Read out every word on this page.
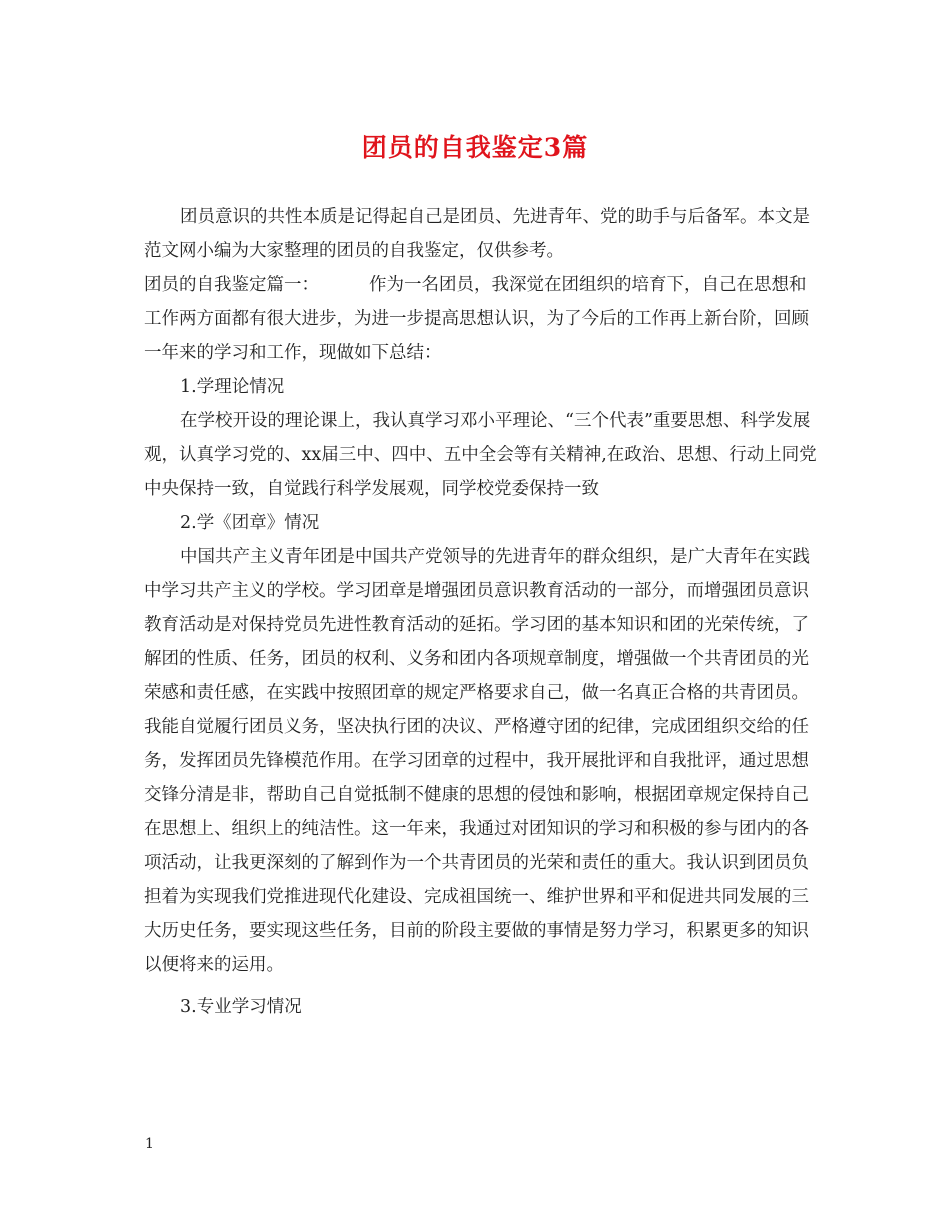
团员的自我鉴定3篇

团员意识的共性本质是记得起自己是团员、先进青年、党的助手与后备军。本文是范文网小编为大家整理的团员的自我鉴定，仅供参考。

团员的自我鉴定篇一：	作为一名团员，我深觉在团组织的培育下，自己在思想和工作两方面都有很大进步，为进一步提高思想认识，为了今后的工作再上新台阶，回顾一年来的学习和工作，现做如下总结：

1.学理论情况

在学校开设的理论课上，我认真学习邓小平理论、“三个代表”重要思想、科学发展观，认真学习党的、xx届三中、四中、五中全会等有关精神,在政治、思想、行动上同党中央保持一致，自觉践行科学发展观，同学校党委保持一致

2.学《团章》情况

中国共产主义青年团是中国共产党领导的先进青年的群众组织，是广大青年在实践中学习共产主义的学校。学习团章是增强团员意识教育活动的一部分，而增强团员意识教育活动是对保持党员先进性教育活动的延拓。学习团的基本知识和团的光荣传统，了解团的性质、任务，团员的权利、义务和团内各项规章制度，增强做一个共青团员的光荣感和责任感，在实践中按照团章的规定严格要求自己，做一名真正合格的共青团员。我能自觉履行团员义务，坚决执行团的决议、严格遵守团的纪律，完成团组织交给的任务，发挥团员先锋模范作用。在学习团章的过程中，我开展批评和自我批评，通过思想交锋分清是非，帮助自己自觉抵制不健康的思想的侵蚀和影响，根据团章规定保持自己在思想上、组织上的纯洁性。这一年来，我通过对团知识的学习和积极的参与团内的各项活动，让我更深刻的了解到作为一个共青团员的光荣和责任的重大。我认识到团员负担着为实现我们党推进现代化建设、完成祖国统一、维护世界和平和促进共同发展的三大历史任务，要实现这些任务，目前的阶段主要做的事情是努力学习，积累更多的知识以便将来的运用。

3.专业学习情况

1
